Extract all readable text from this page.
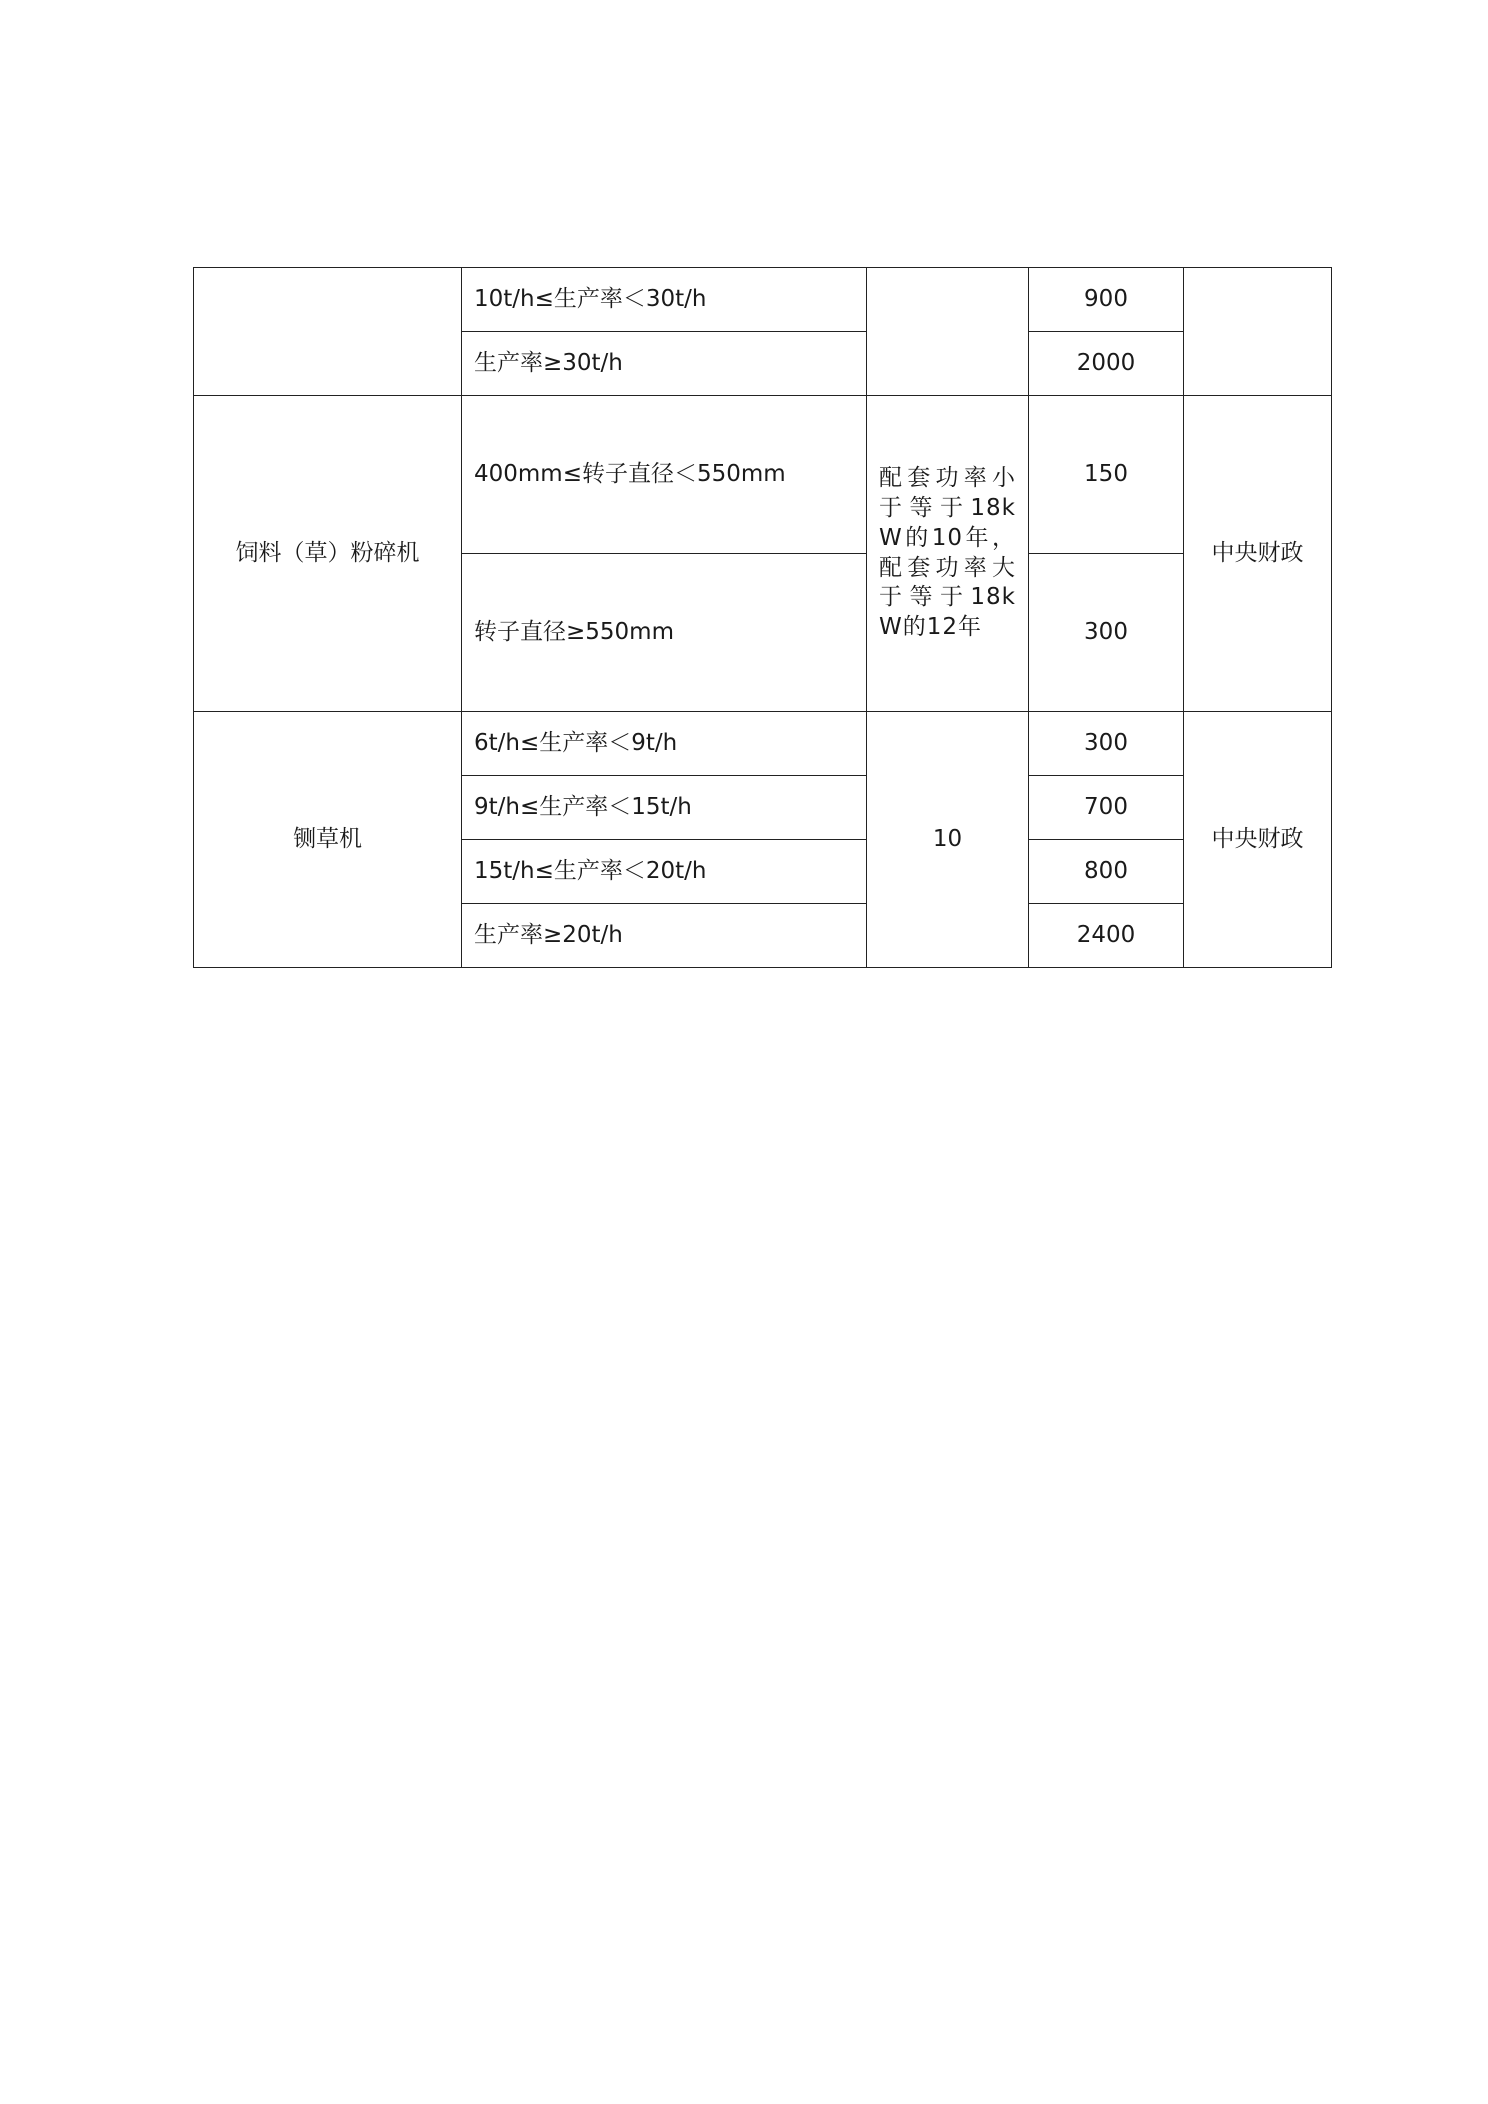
	10t/h≤生产率＜30t/h		900	
	生产率≥30t/h		2000	
饲料（草）粉碎机	400mm≤转子直径＜550mm	配套功率小于等于18kW的10年，配套功率大于等于18kW的12年	150	中央财政
	转子直径≥550mm		300	
铡草机	6t/h≤生产率＜9t/h	10	300	中央财政
	9t/h≤生产率＜15t/h		700	
	15t/h≤生产率＜20t/h		800	
	生产率≥20t/h		2400	
